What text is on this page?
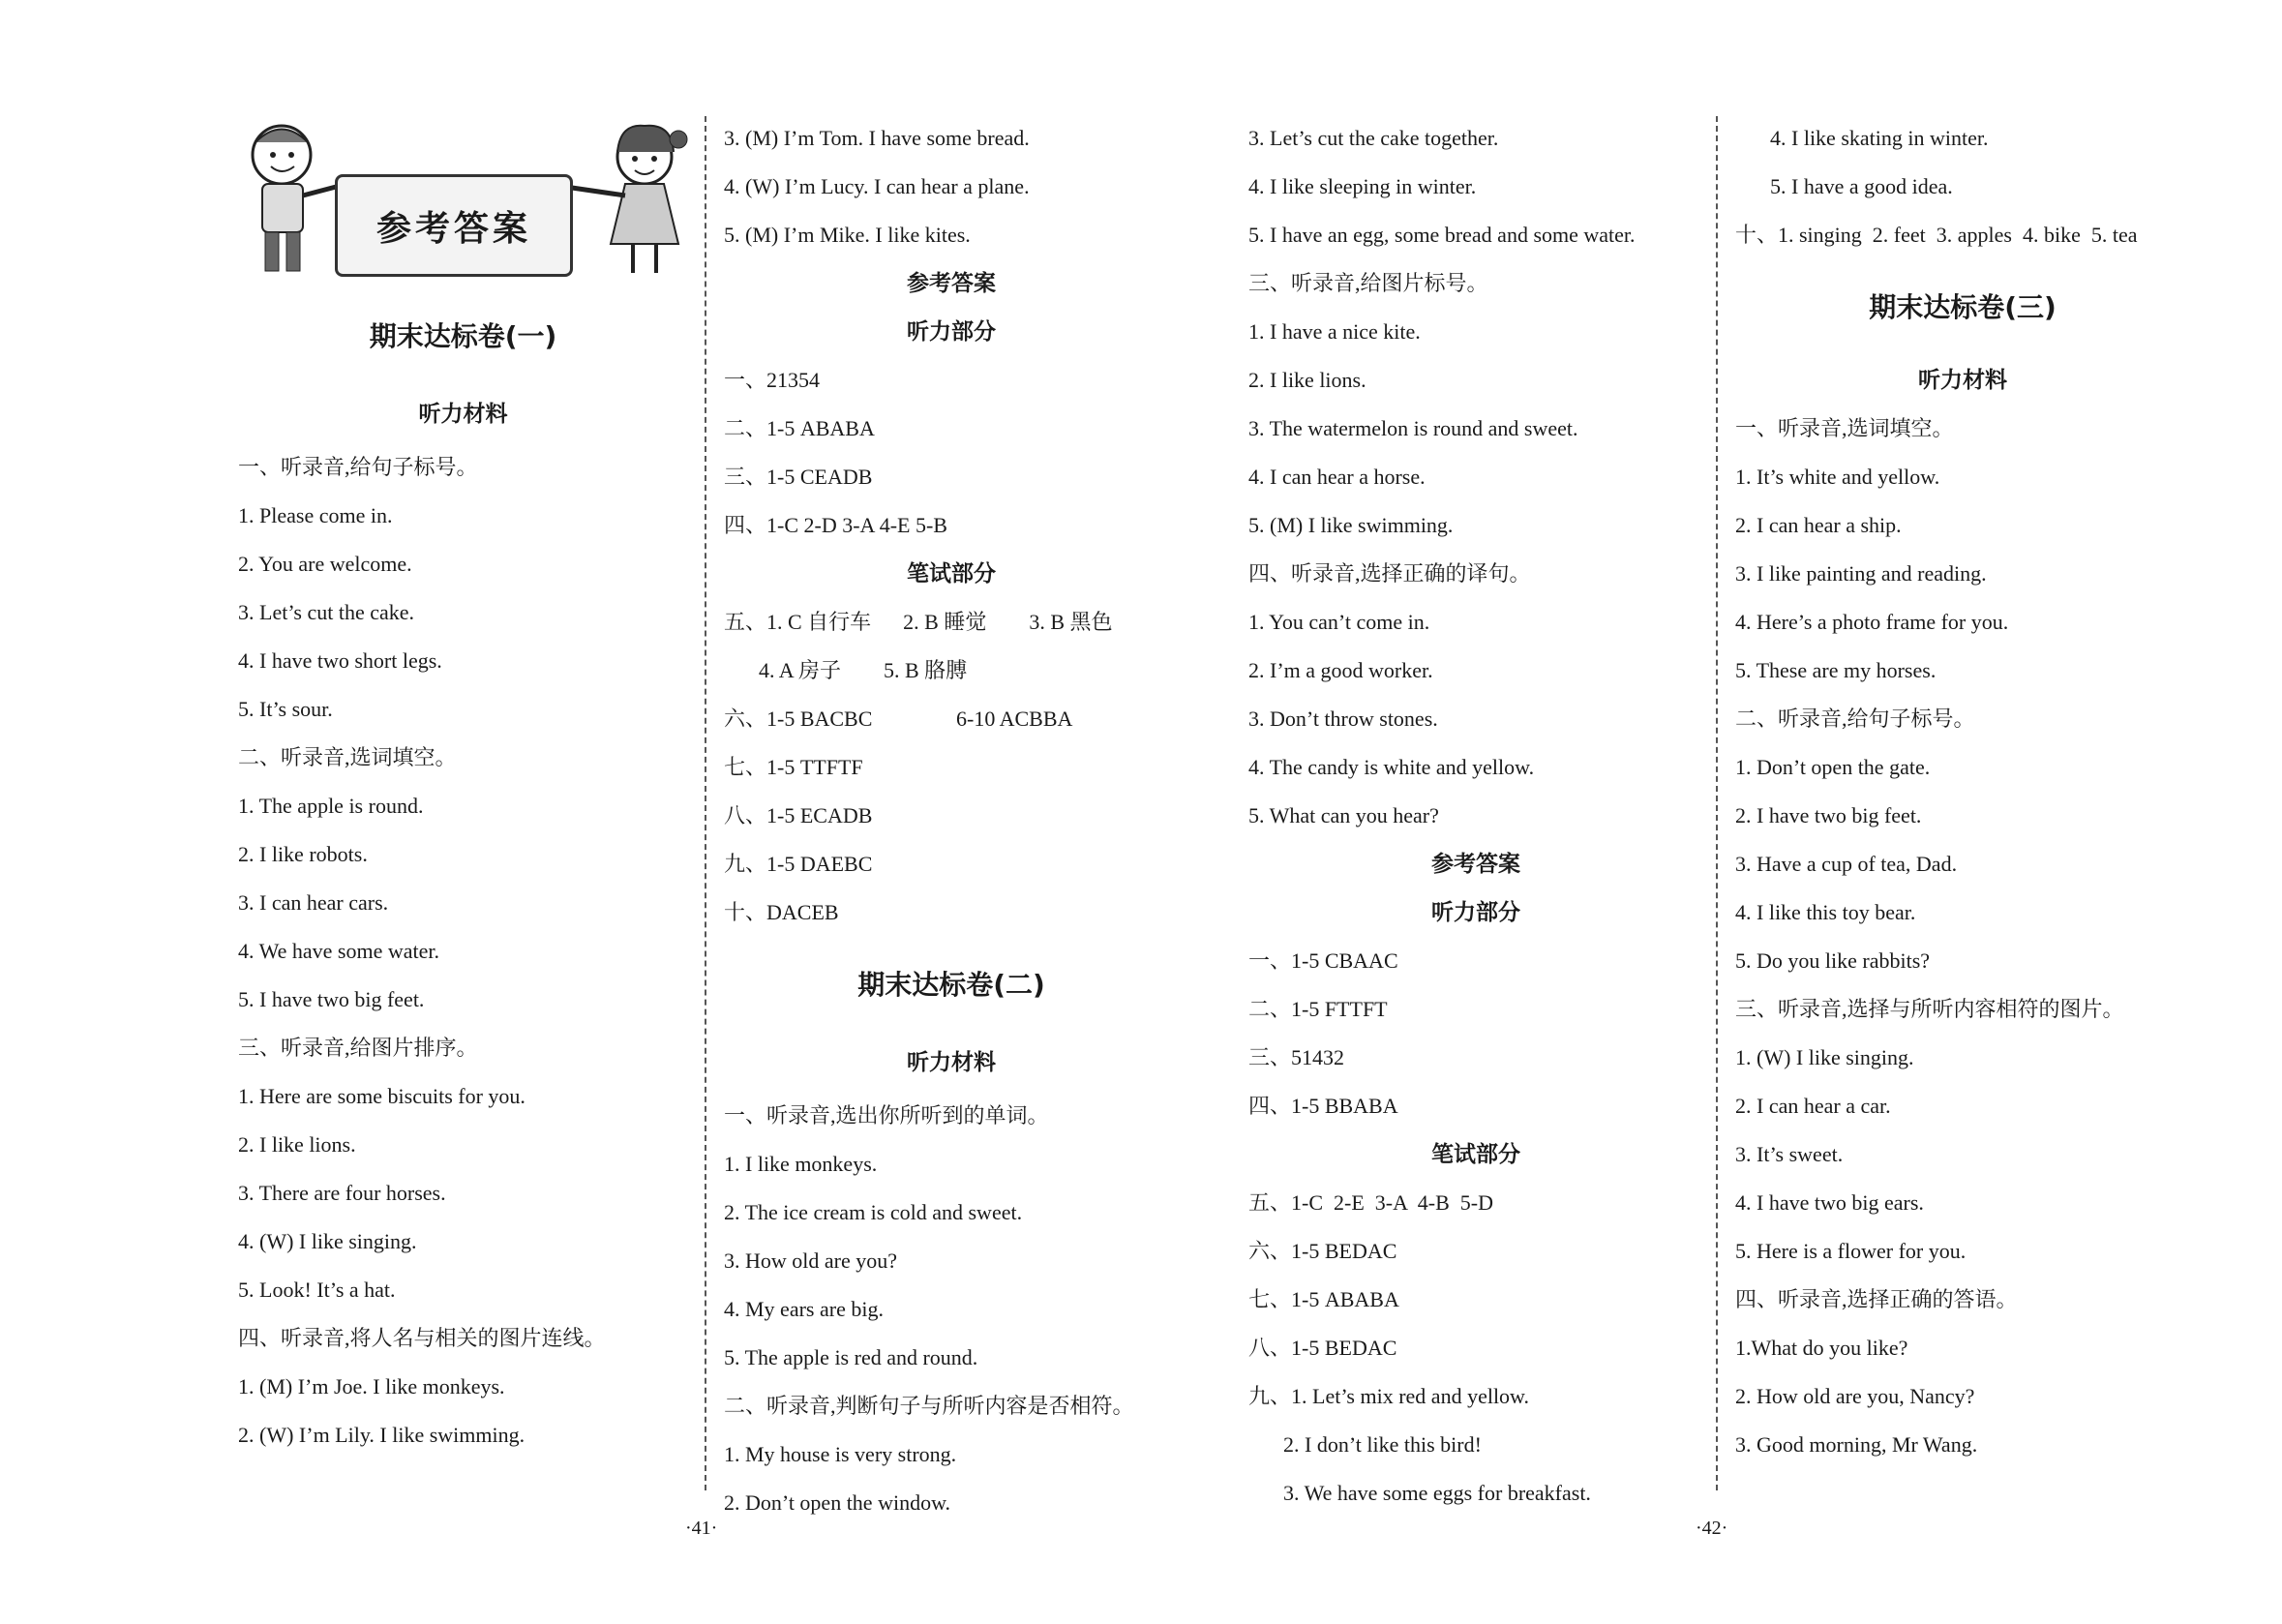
参考答案
期末达标卷(一)
听力材料
一、听录音,给句子标号。
1. Please come in.
2. You are welcome.
3. Let’s cut the cake.
4. I have two short legs.
5. It’s sour.
二、听录音,选词填空。
1. The apple is round.
2. I like robots.
3. I can hear cars.
4. We have some water.
5. I have two big feet.
三、听录音,给图片排序。
1. Here are some biscuits for you.
2. I like lions.
3. There are four horses.
4. (W) I like singing.
5. Look! It’s a hat.
四、听录音,将人名与相关的图片连线。
1. (M) I’m Joe. I like monkeys.
2. (W) I’m Lily. I like swimming.
3. (M) I’m Tom. I have some bread.
4. (W) I’m Lucy. I can hear a plane.
5. (M) I’m Mike. I like kites.
参考答案
听力部分
一、21354
二、1-5 ABABA
三、1-5 CEADB
四、1-C 2-D 3-A 4-E 5-B
笔试部分
五、1. C 自行车      2. B 睡觉        3. B 黑色
4. A 房子        5. B 胳膊
六、1-5 BACBC	6-10 ACBBA
七、1-5 TTFTF
八、1-5 ECADB
九、1-5 DAEBC
十、DACEB
期末达标卷(二)
听力材料
一、听录音,选出你所听到的单词。
1. I like monkeys.
2. The ice cream is cold and sweet.
3. How old are you?
4. My ears are big.
5. The apple is red and round.
二、听录音,判断句子与所听内容是否相符。
1. My house is very strong.
2. Don’t open the window.
3. Let’s cut the cake together.
4. I like sleeping in winter.
5. I have an egg, some bread and some water.
三、听录音,给图片标号。
1. I have a nice kite.
2. I like lions.
3. The watermelon is round and sweet.
4. I can hear a horse.
5. (M) I like swimming.
四、听录音,选择正确的译句。
1. You can’t come in.
2. I’m a good worker.
3. Don’t throw stones.
4. The candy is white and yellow.
5. What can you hear?
参考答案
听力部分
一、1-5 CBAAC
二、1-5 FTTFT
三、51432
四、1-5 BBABA
笔试部分
五、1-C  2-E  3-A  4-B  5-D
六、1-5 BEDAC
七、1-5 ABABA
八、1-5 BEDAC
九、1. Let’s mix red and yellow.
2. I don’t like this bird!
3. We have some eggs for breakfast.
4. I like skating in winter.
5. I have a good idea.
十、1. singing  2. feet  3. apples  4. bike  5. tea
期末达标卷(三)
听力材料
一、听录音,选词填空。
1. It’s white and yellow.
2. I can hear a ship.
3. I like painting and reading.
4. Here’s a photo frame for you.
5. These are my horses.
二、听录音,给句子标号。
1. Don’t open the gate.
2. I have two big feet.
3. Have a cup of tea, Dad.
4. I like this toy bear.
5. Do you like rabbits?
三、听录音,选择与所听内容相符的图片。
1. (W) I like singing.
2. I can hear a car.
3. It’s sweet.
4. I have two big ears.
5. Here is a flower for you.
四、听录音,选择正确的答语。
1.What do you like?
2. How old are you, Nancy?
3. Good morning, Mr Wang.
·41·	·42·
